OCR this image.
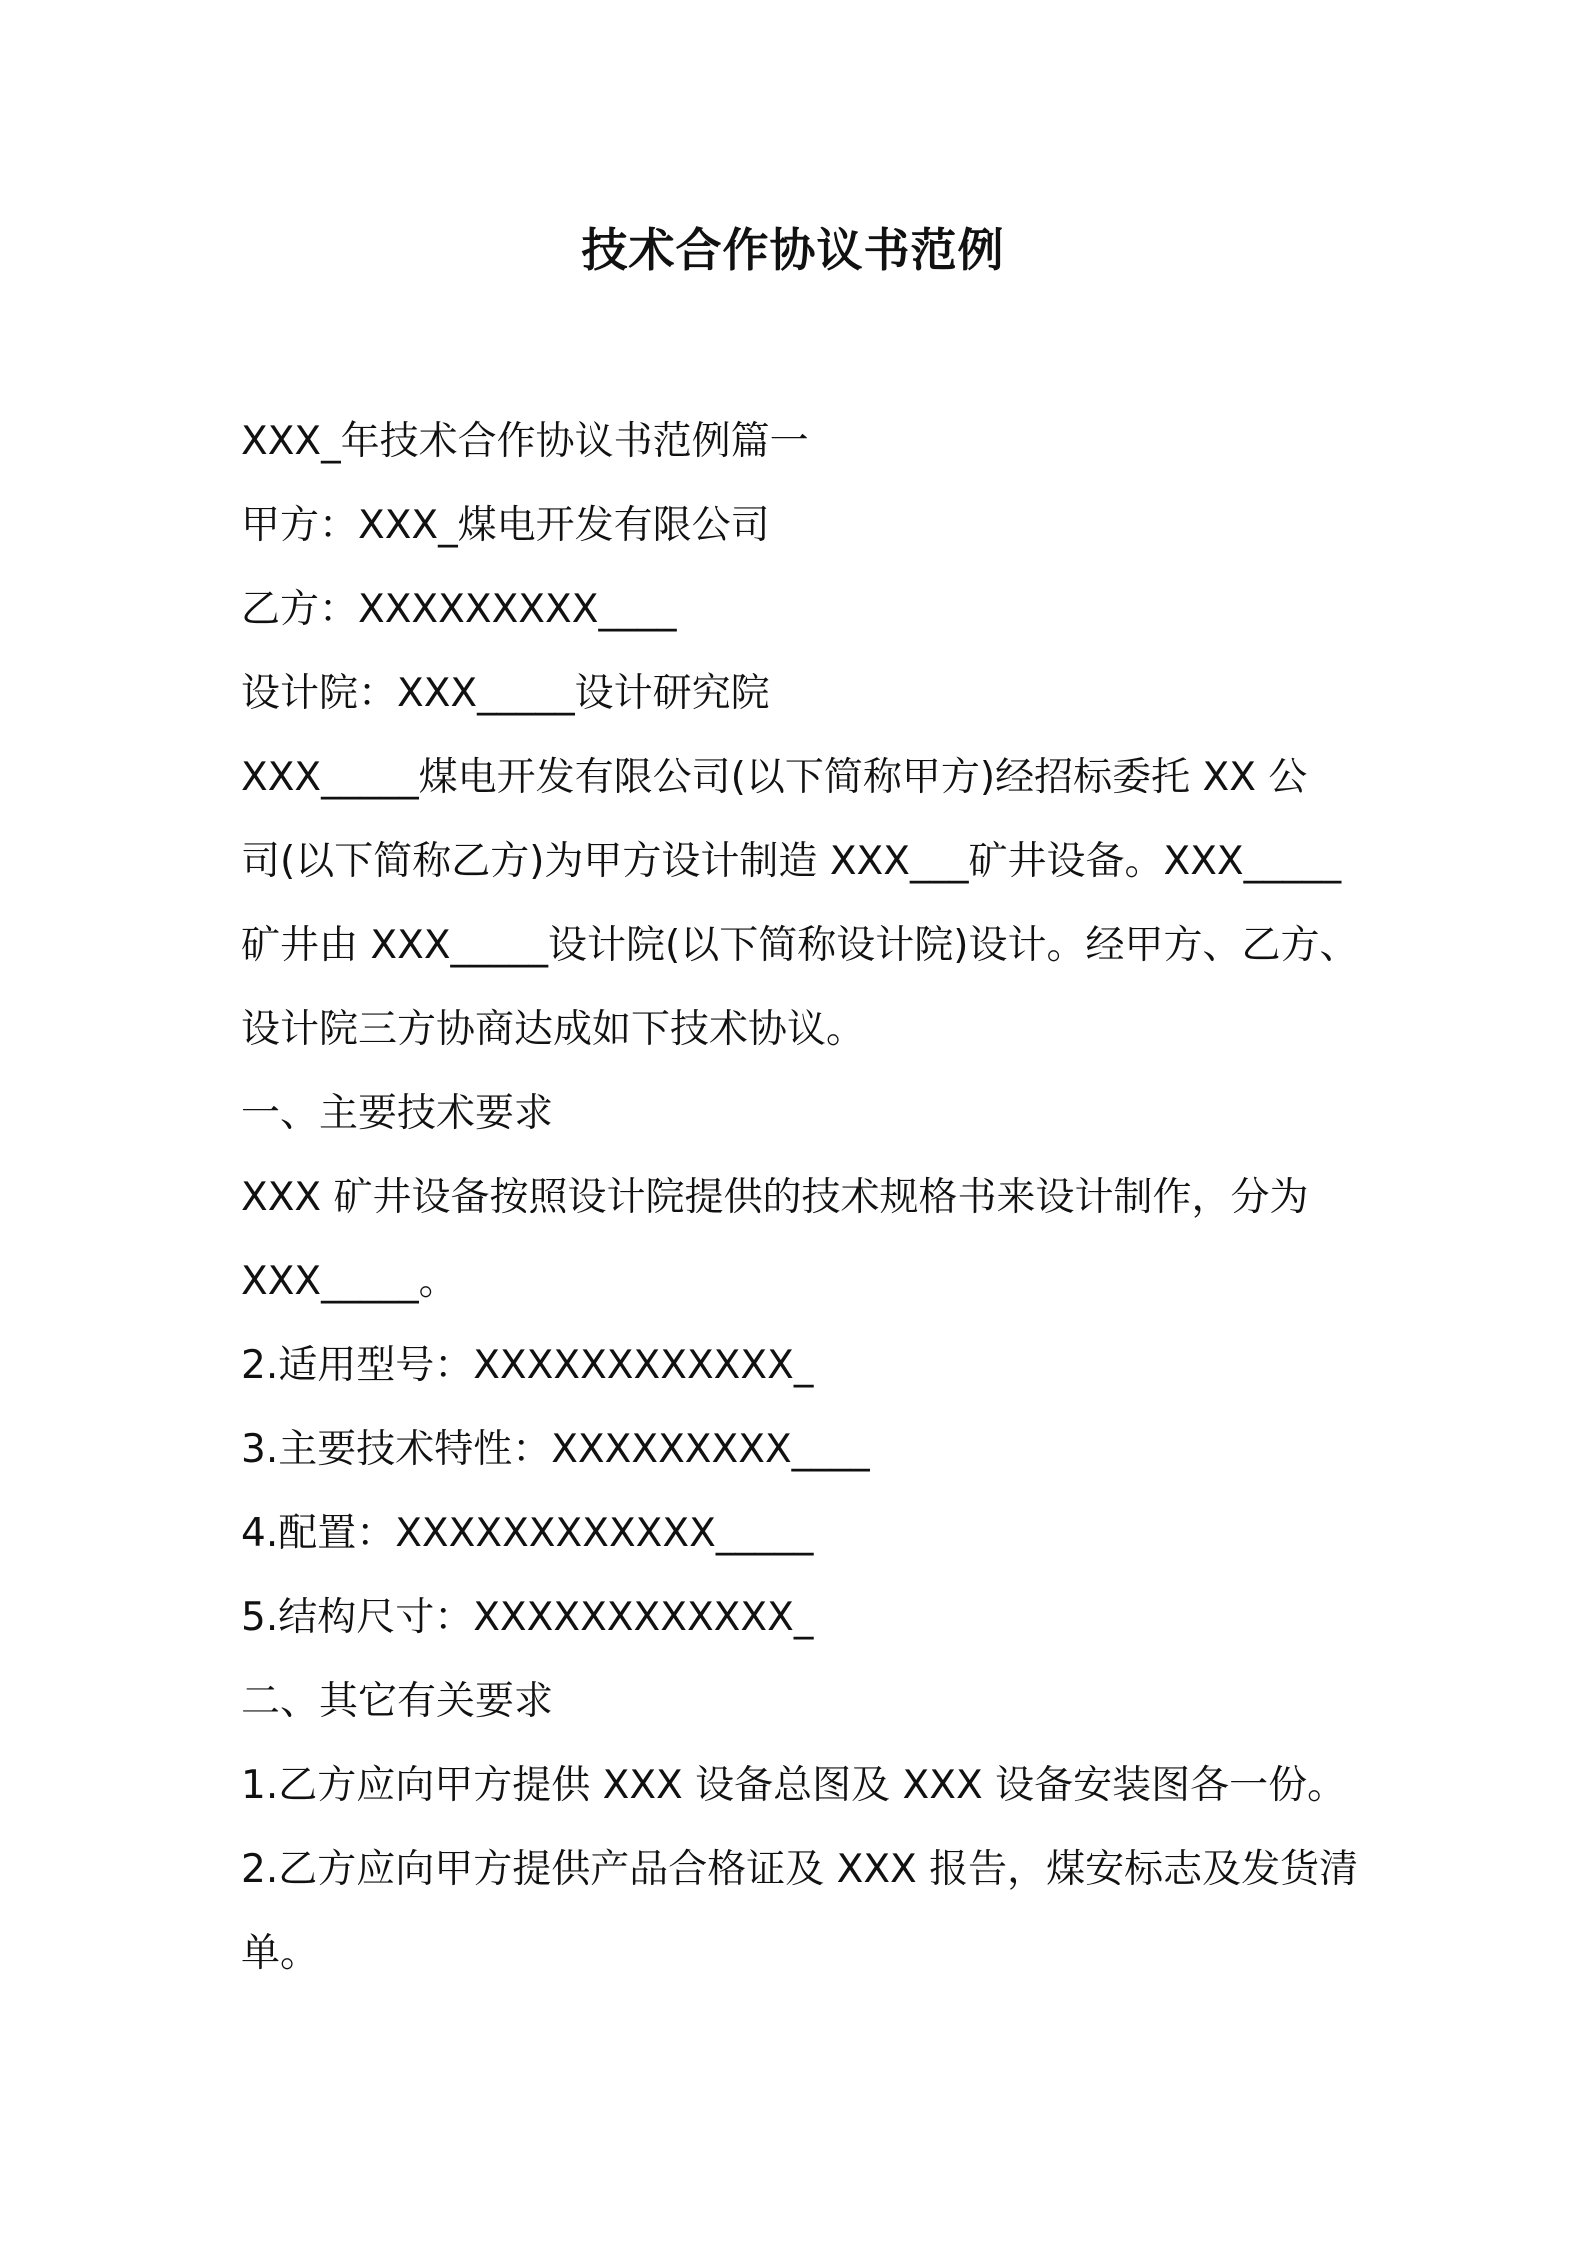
技术合作协议书范例
XXX_年技术合作协议书范例篇一
甲方：XXX_煤电开发有限公司
乙方：XXXXXXXXX____
设计院：XXX_____设计研究院
XXX_____煤电开发有限公司(以下简称甲方)经招标委托 XX 公
司(以下简称乙方)为甲方设计制造 XXX___矿井设备。XXX_____
矿井由 XXX_____设计院(以下简称设计院)设计。经甲方、乙方、
设计院三方协商达成如下技术协议。
一、主要技术要求
XXX 矿井设备按照设计院提供的技术规格书来设计制作，分为
XXX_____。
2.适用型号：XXXXXXXXXXXX_
3.主要技术特性：XXXXXXXXX____
4.配置：XXXXXXXXXXXX_____
5.结构尺寸：XXXXXXXXXXXX_
二、其它有关要求
1.乙方应向甲方提供 XXX 设备总图及 XXX 设备安装图各一份。
2.乙方应向甲方提供产品合格证及 XXX 报告，煤安标志及发货清
单。
